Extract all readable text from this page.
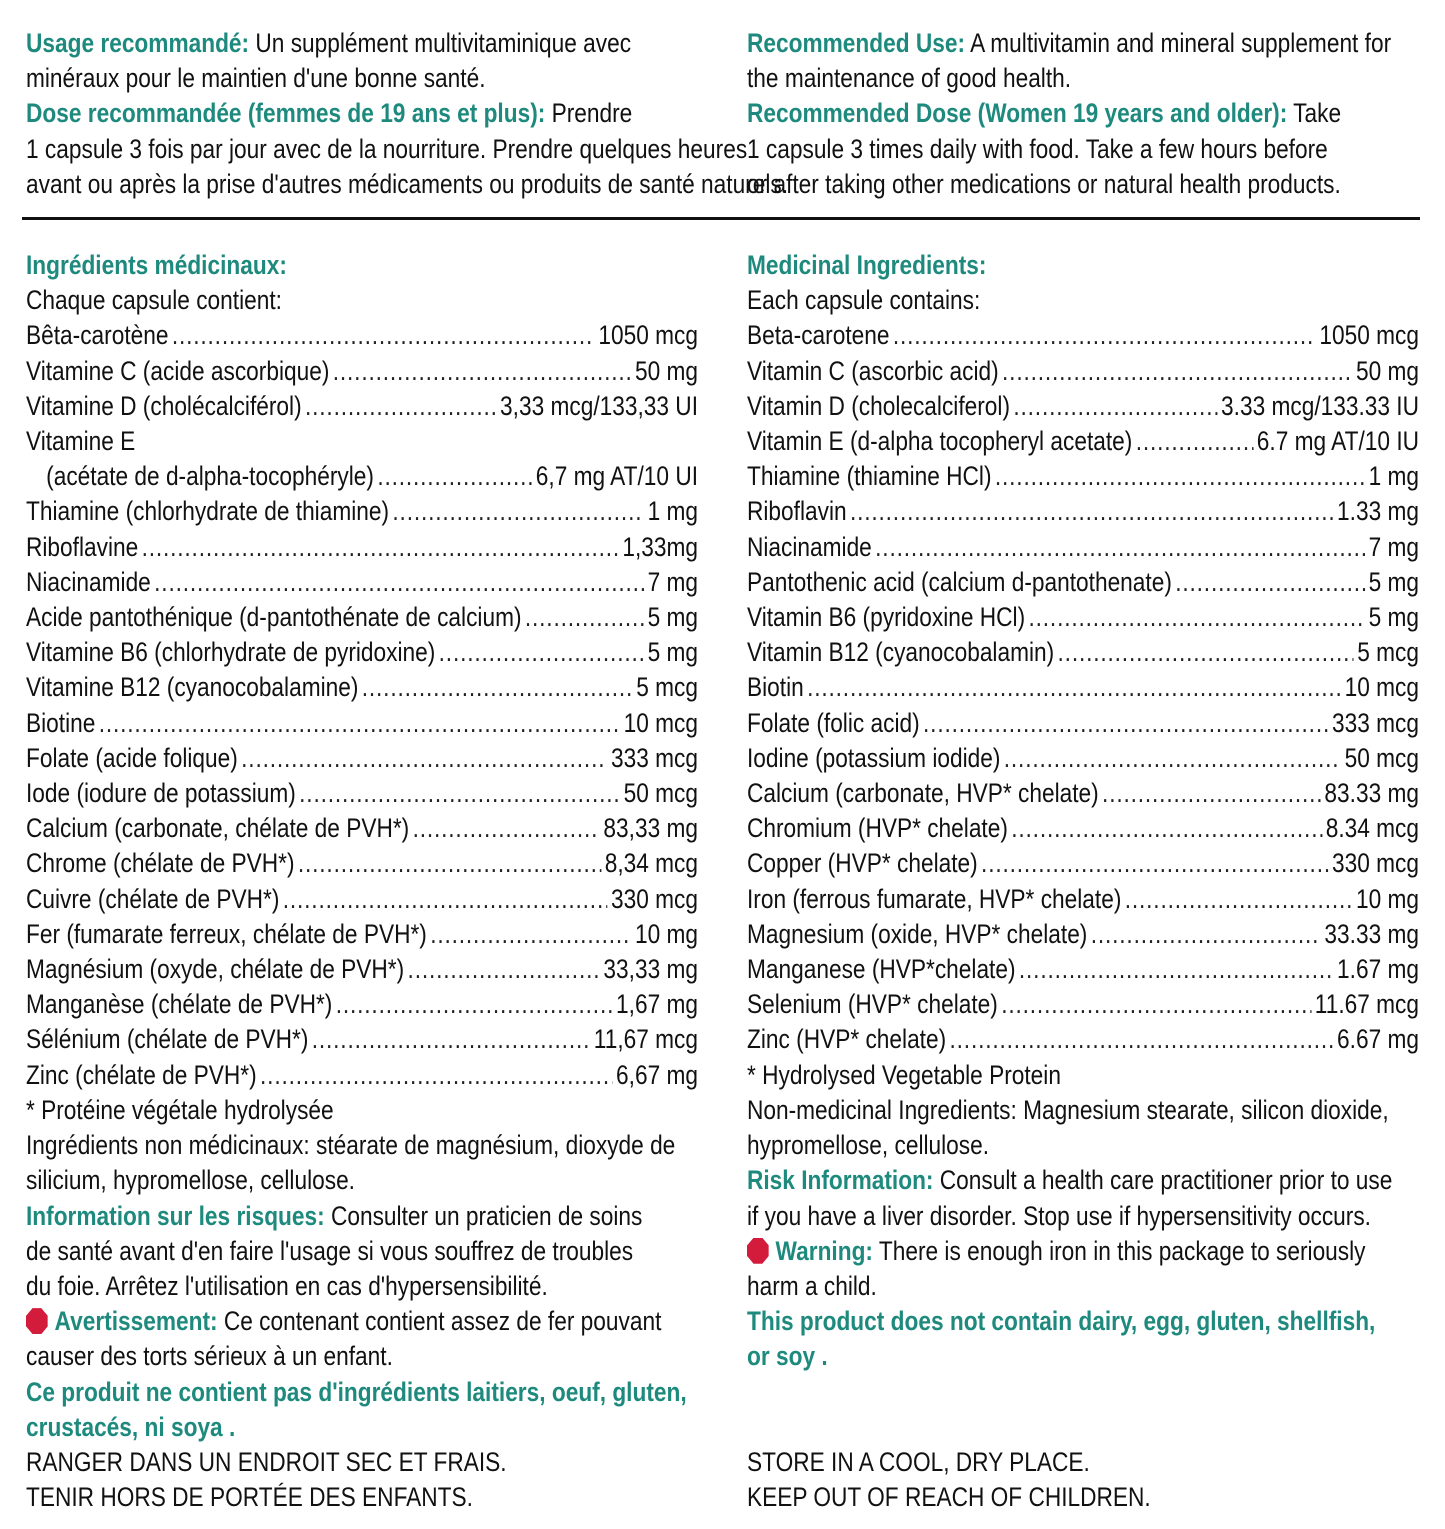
Usage recommandé: Un supplément multivitaminique avec
minéraux pour le maintien d'une bonne santé.
Dose recommandée (femmes de 19 ans et plus): Prendre
1 capsule 3 fois par jour avec de la nourriture. Prendre quelques heures
avant ou après la prise d'autres médicaments ou produits de santé naturels.
Ingrédients médicinaux:
Chaque capsule contient:
Bêta-carotène .....	1050 mcg
Vitamine C (acide ascorbique) .....	50 mg
Vitamine D (cholécalciférol) .....	3,33 mcg/133,33 UI
Vitamine E
(acétate de d-alpha-tocophéryle) .....	6,7 mg AT/10 UI
Thiamine (chlorhydrate de thiamine) .....	1 mg
Riboflavine .....	1,33mg
Niacinamide .....	7 mg
Acide pantothénique (d-pantothénate de calcium) .....	5 mg
Vitamine B6 (chlorhydrate de pyridoxine) .....	5 mg
Vitamine B12 (cyanocobalamine) .....	5 mcg
Biotine .....	10 mcg
Folate (acide folique) .....	333 mcg
Iode (iodure de potassium) .....	50 mcg
Calcium (carbonate, chélate de PVH*) .....	83,33 mg
Chrome (chélate de PVH*) .....	8,34 mcg
Cuivre (chélate de PVH*) .....	330 mcg
Fer (fumarate ferreux, chélate de PVH*) .....	10 mg
Magnésium (oxyde, chélate de PVH*) .....	33,33 mg
Manganèse (chélate de PVH*) .....	1,67 mg
Sélénium (chélate de PVH*) .....	11,67 mcg
Zinc (chélate de PVH*) .....	6,67 mg
* Protéine végétale hydrolysée
Ingrédients non médicinaux: stéarate de magnésium, dioxyde de
silicium, hypromellose, cellulose.
Information sur les risques: Consulter un praticien de soins
de santé avant d'en faire l'usage si vous souffrez de troubles
du foie. Arrêtez l'utilisation en cas d'hypersensibilité.
Avertissement: Ce contenant contient assez de fer pouvant
causer des torts sérieux à un enfant.
Ce produit ne contient pas d'ingrédients laitiers, oeuf, gluten,
crustacés, ni soya .
RANGER DANS UN ENDROIT SEC ET FRAIS.
TENIR HORS DE PORTÉE DES ENFANTS.
Recommended Use: A multivitamin and mineral supplement for
the maintenance of good health.
Recommended Dose (Women 19 years and older): Take
1 capsule 3 times daily with food. Take a few hours before
or after taking other medications or natural health products.
Medicinal Ingredients:
Each capsule contains:
Beta-carotene .....	1050 mcg
Vitamin C (ascorbic acid) .....	50 mg
Vitamin D (cholecalciferol) .....	3.33 mcg/133.33 IU
Vitamin E (d-alpha tocopheryl acetate) .....	6.7 mg AT/10 IU
Thiamine (thiamine HCl) .....	1 mg
Riboflavin .....	1.33 mg
Niacinamide .....	7 mg
Pantothenic acid (calcium d-pantothenate) .....	5 mg
Vitamin B6 (pyridoxine HCl) .....	5 mg
Vitamin B12 (cyanocobalamin) .....	5 mcg
Biotin .....	10 mcg
Folate (folic acid) .....	333 mcg
Iodine (potassium iodide) .....	50 mcg
Calcium (carbonate, HVP* chelate) .....	83.33 mg
Chromium (HVP* chelate) .....	8.34 mcg
Copper (HVP* chelate) .....	330 mcg
Iron (ferrous fumarate, HVP* chelate) .....	10 mg
Magnesium (oxide, HVP* chelate) .....	33.33 mg
Manganese (HVP*chelate) .....	1.67 mg
Selenium (HVP* chelate) .....	11.67 mcg
Zinc (HVP* chelate) .....	6.67 mg
* Hydrolysed Vegetable Protein
Non-medicinal Ingredients: Magnesium stearate, silicon dioxide,
hypromellose, cellulose.
Risk Information: Consult a health care practitioner prior to use
if you have a liver disorder. Stop use if hypersensitivity occurs.
Warning: There is enough iron in this package to seriously
harm a child.
This product does not contain dairy, egg, gluten, shellfish,
or soy .
STORE IN A COOL, DRY PLACE.
KEEP OUT OF REACH OF CHILDREN.
